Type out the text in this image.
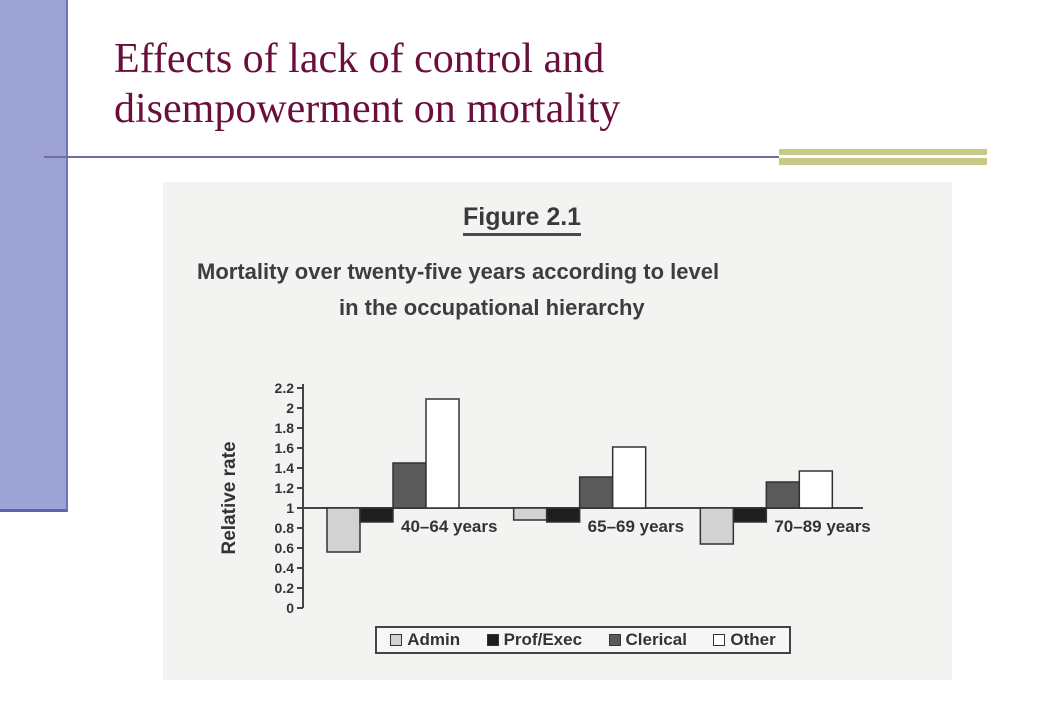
Effects of lack of control and
disempowerment on mortality

Figure 2.1

Mortality over twenty-five years according to level
in the occupational hierarchy

0
0.2
0.4
0.6
0.8
1
1.2
1.4
1.6
1.8
2
2.2
Relative rate	40–64 years	65–69 years	70–89 years
Admin	Prof/Exec	Clerical	Other
